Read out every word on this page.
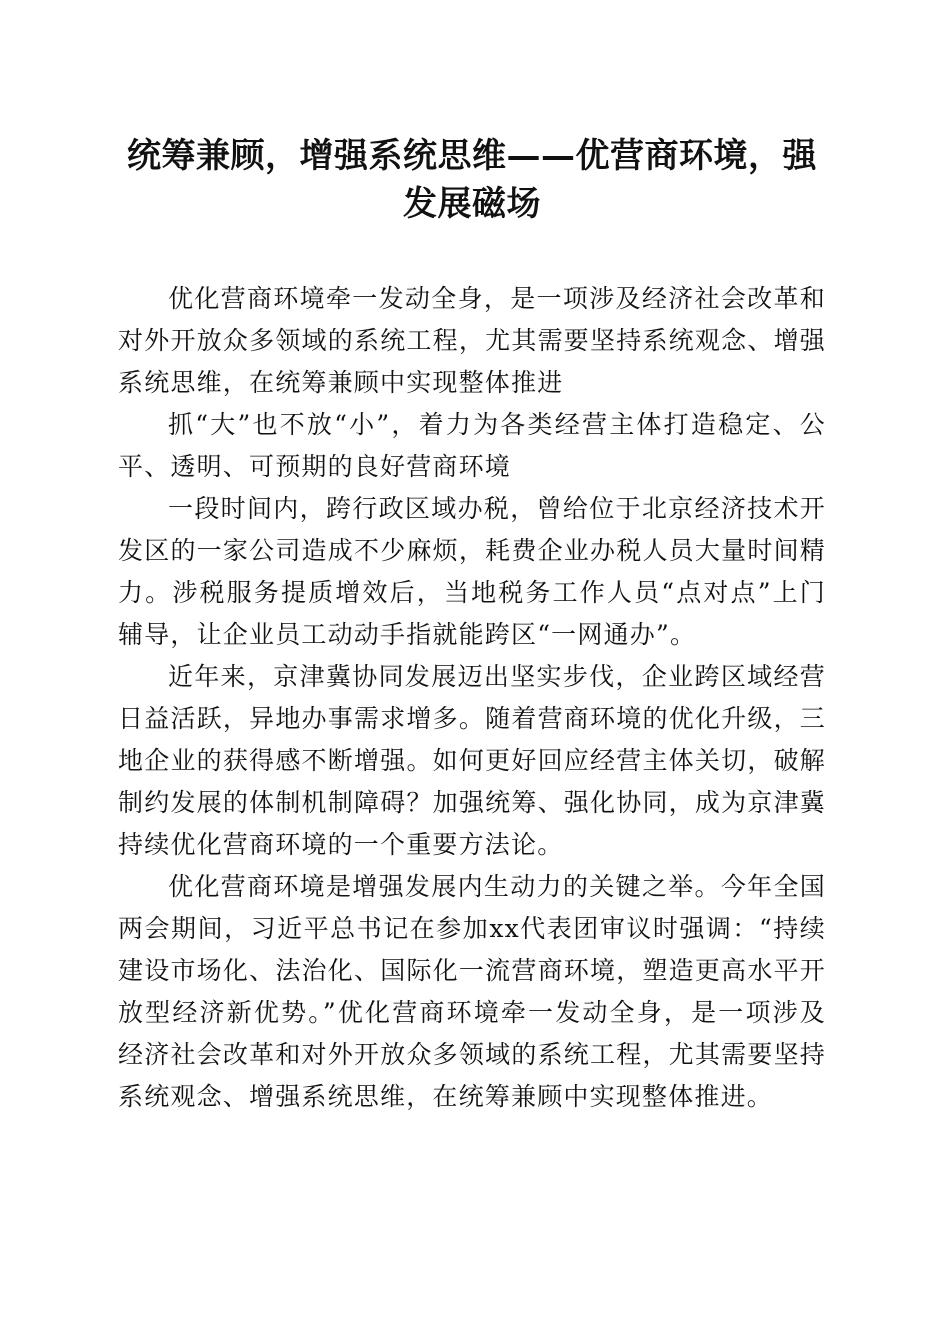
统筹兼顾，增强系统思维——优营商环境，强发展磁场

优化营商环境牵一发动全身，是一项涉及经济社会改革和对外开放众多领域的系统工程，尤其需要坚持系统观念、增强系统思维，在统筹兼顾中实现整体推进

抓“大”也不放“小”，着力为各类经营主体打造稳定、公平、透明、可预期的良好营商环境

一段时间内，跨行政区域办税，曾给位于北京经济技术开发区的一家公司造成不少麻烦，耗费企业办税人员大量时间精力。涉税服务提质增效后，当地税务工作人员“点对点”上门辅导，让企业员工动动手指就能跨区“一网通办”。

近年来，京津冀协同发展迈出坚实步伐，企业跨区域经营日益活跃，异地办事需求增多。随着营商环境的优化升级，三地企业的获得感不断增强。如何更好回应经营主体关切，破解制约发展的体制机制障碍？加强统筹、强化协同，成为京津冀持续优化营商环境的一个重要方法论。

优化营商环境是增强发展内生动力的关键之举。今年全国两会期间，习近平总书记在参加xx代表团审议时强调：“持续建设市场化、法治化、国际化一流营商环境，塑造更高水平开放型经济新优势。”优化营商环境牵一发动全身，是一项涉及经济社会改革和对外开放众多领域的系统工程，尤其需要坚持系统观念、增强系统思维，在统筹兼顾中实现整体推进。
